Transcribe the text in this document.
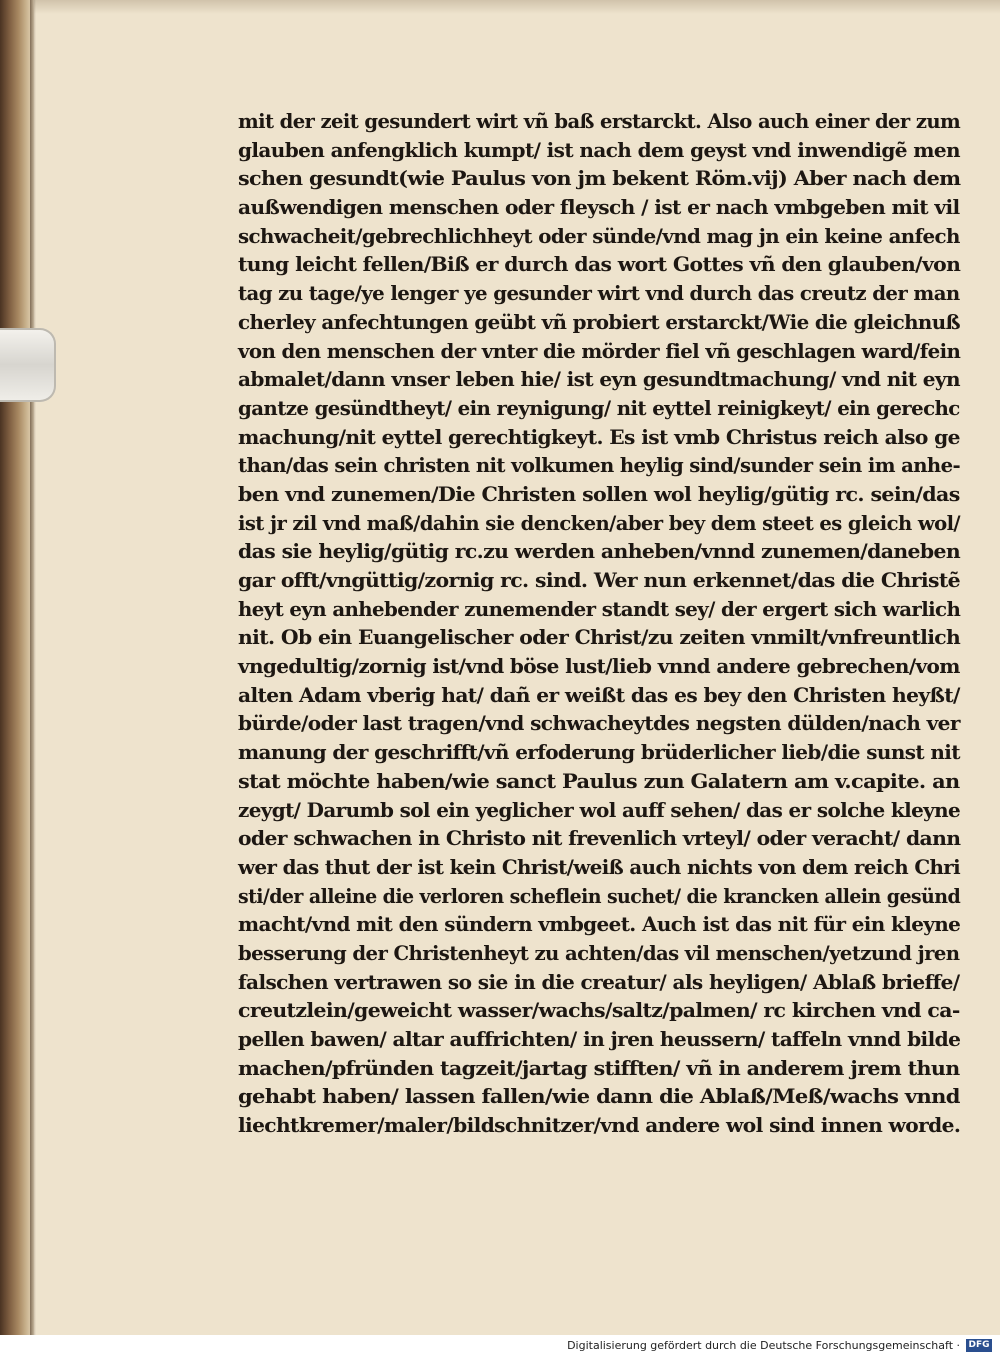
mit der zeit gesundert wirt vñ baß erstarckt. Also auch einer der zum
glauben anfengklich kumpt/ ist nach dem geyst vnd inwendigẽ men
schen gesundt(wie Paulus von jm bekent Röm.vij) Aber nach dem
außwendigen menschen oder fleysch / ist er nach vmbgeben mit vil
schwacheit/gebrechlichheyt oder sünde/vnd mag jn ein keine anfech
tung leicht fellen/Biß er durch das wort Gottes vñ den glauben/von
tag zu tage/ye lenger ye gesunder wirt vnd durch das creutz der man
cherley anfechtungen geübt vñ probiert erstarckt/Wie die gleichnuß
von den menschen der vnter die mörder fiel vñ geschlagen ward/fein
abmalet/dann vnser leben hie/ ist eyn gesundtmachung/ vnd nit eyn
gantze gesündtheyt/ ein reynigung/ nit eyttel reinigkeyt/ ein gerechc
machung/nit eyttel gerechtigkeyt. Es ist vmb Christus reich also ge
than/das sein christen nit volkumen heylig sind/sunder sein im anhe-
ben vnd zunemen/Die Christen sollen wol heylig/gütig rc. sein/das
ist jr zil vnd maß/dahin sie dencken/aber bey dem steet es gleich wol/
das sie heylig/gütig rc.zu werden anheben/vnnd zunemen/daneben
gar offt/vngüttig/zornig rc. sind. Wer nun erkennet/das die Christẽ
heyt eyn anhebender zunemender standt sey/ der ergert sich warlich
nit. Ob ein Euangelischer oder Christ/zu zeiten vnmilt/vnfreuntlich
vngedultig/zornig ist/vnd böse lust/lieb vnnd andere gebrechen/vom
alten Adam vberig hat/ dañ er weißt das es bey den Christen heyßt/
bürde/oder last tragen/vnd schwacheytdes negsten dülden/nach ver
manung der geschrifft/vñ erfoderung brüderlicher lieb/die sunst nit
stat möchte haben/wie sanct Paulus zun Galatern am v.capite. an
zeygt/ Darumb sol ein yeglicher wol auff sehen/ das er solche kleyne
oder schwachen in Christo nit frevenlich vrteyl/ oder veracht/ dann
wer das thut der ist kein Christ/weiß auch nichts von dem reich Chri
sti/der alleine die verloren scheflein suchet/ die krancken allein gesünd
macht/vnd mit den sündern vmbgeet. Auch ist das nit für ein kleyne
besserung der Christenheyt zu achten/das vil menschen/yetzund jren
falschen vertrawen so sie in die creatur/ als heyligen/ Ablaß brieffe/
creutzlein/geweicht wasser/wachs/saltz/palmen/ rc kirchen vnd ca-
pellen bawen/ altar auffrichten/ in jren heussern/ taffeln vnnd bilde
machen/pfründen tagzeit/jartag stifften/ vñ in anderem jrem thun
gehabt haben/ lassen fallen/wie dann die Ablaß/Meß/wachs vnnd
liechtkremer/maler/bildschnitzer/vnd andere wol sind innen worde.
Digitalisierung gefördert durch die Deutsche Forschungsgemeinschaft · DFG
